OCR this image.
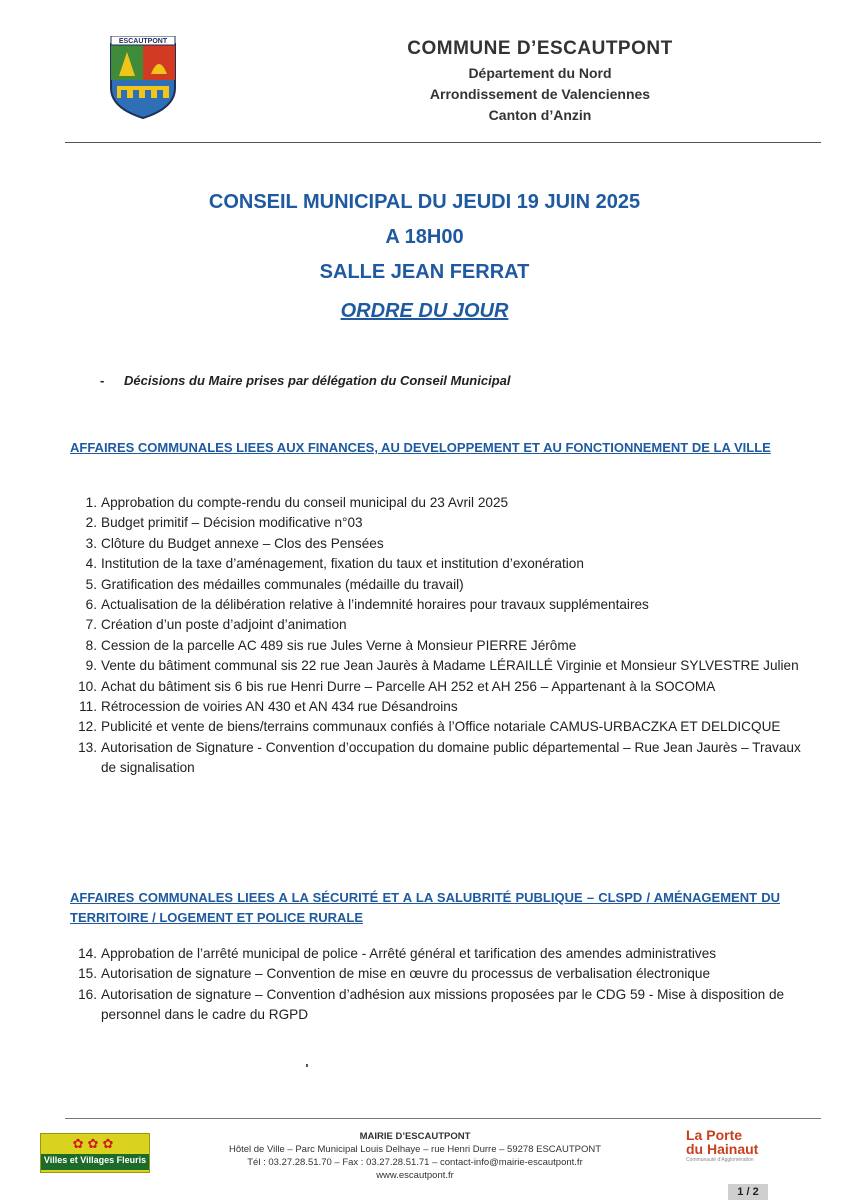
ESCAUTPONT	COMMUNE D’ESCAUTPONT
Département du Nord
Arrondissement de Valenciennes
Canton d’Anzin
CONSEIL MUNICIPAL DU JEUDI 19 JUIN 2025
A 18H00
SALLE JEAN FERRAT
ORDRE DU JOUR
- Décisions du Maire prises par délégation du Conseil Municipal
AFFAIRES COMMUNALES LIEES AUX FINANCES, AU DEVELOPPEMENT ET AU FONCTIONNEMENT DE LA VILLE
1. Approbation du compte-rendu du conseil municipal du 23 Avril 2025
2. Budget primitif – Décision modificative n°03
3. Clôture du Budget annexe – Clos des Pensées
4. Institution de la taxe d’aménagement, fixation du taux et institution d’exonération
5. Gratification des médailles communales (médaille du travail)
6. Actualisation de la délibération relative à l’indemnité horaires pour travaux supplémentaires
7. Création d’un poste d’adjoint d’animation
8. Cession de la parcelle AC 489 sis rue Jules Verne à Monsieur PIERRE Jérôme
9. Vente du bâtiment communal sis 22 rue Jean Jaurès à Madame LÉRAILLÉ Virginie et Monsieur SYLVESTRE Julien
10. Achat du bâtiment sis 6 bis rue Henri Durre – Parcelle AH 252 et AH 256 – Appartenant à la SOCOMA
11. Rétrocession de voiries AN 430 et AN 434 rue Désandroins
12. Publicité et vente de biens/terrains communaux confiés à l’Office notariale CAMUS-URBACZKA ET DELDICQUE
13. Autorisation de Signature - Convention d’occupation du domaine public départemental – Rue Jean Jaurès – Travaux de signalisation
AFFAIRES COMMUNALES LIEES A LA SÉCURITÉ ET A LA SALUBRITÉ PUBLIQUE – CLSPD / AMÉNAGEMENT DU TERRITOIRE / LOGEMENT ET POLICE RURALE
14. Approbation de l’arrêté municipal de police - Arrêté général et tarification des amendes administratives
15. Autorisation de signature – Convention de mise en œuvre du processus de verbalisation électronique
16. Autorisation de signature – Convention d’adhésion aux missions proposées par le CDG 59 - Mise à disposition de personnel dans le cadre du RGPD
✿✿✿
Villes et Villages Fleuris
MAIRIE D’ESCAUTPONT
Hôtel de Ville – Parc Municipal Louis Delhaye – rue Henri Durre – 59278 ESCAUTPONT
Tél : 03.27.28.51.70 – Fax : 03.27.28.51.71 – contact-info@mairie-escautpont.fr
www.escautpont.fr
La Porte
du Hainaut
Communauté d’Agglomération
1 / 2
